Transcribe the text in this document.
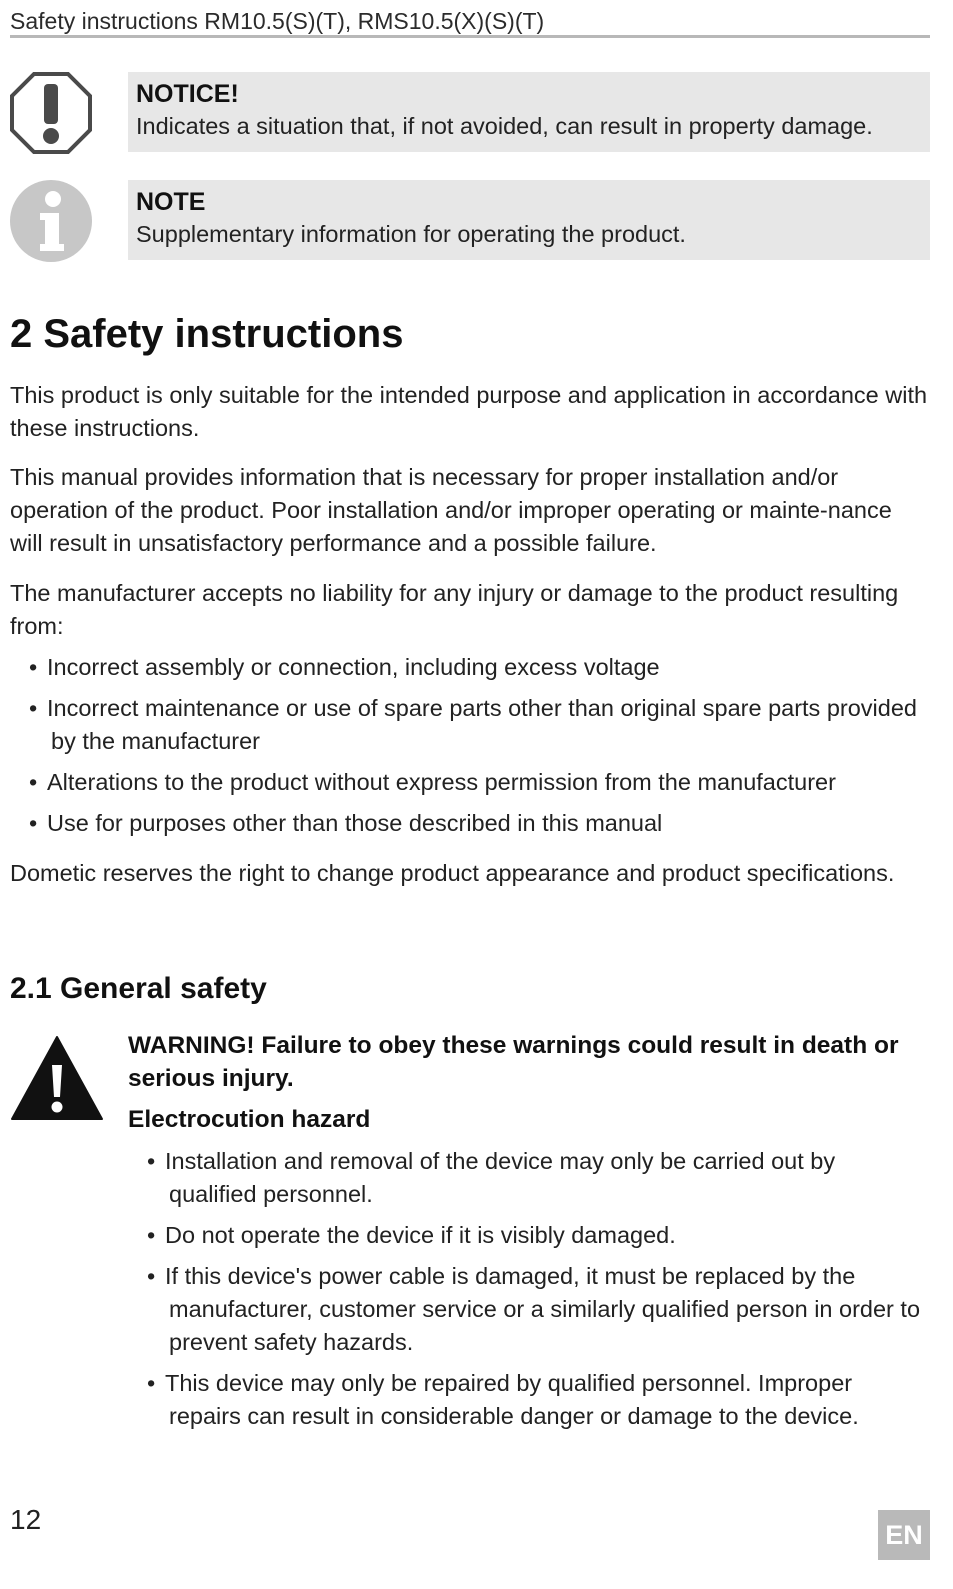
Safety instructions RM10.5(S)(T), RMS10.5(X)(S)(T)
NOTICE!
Indicates a situation that, if not avoided, can result in property damage.
NOTE
Supplementary information for operating the product.
2 Safety instructions

This product is only suitable for the intended purpose and application in accordance with these instructions.

This manual provides information that is necessary for proper installation and/or operation of the product. Poor installation and/or improper operating or mainte-nance will result in unsatisfactory performance and a possible failure.

The manufacturer accepts no liability for any injury or damage to the product resulting from:

• Incorrect assembly or connection, including excess voltage
• Incorrect maintenance or use of spare parts other than original spare parts provided by the manufacturer
• Alterations to the product without express permission from the manufacturer
• Use for purposes other than those described in this manual

Dometic reserves the right to change product appearance and product specifications.

2.1 General safety

WARNING! Failure to obey these warnings could result in death or serious injury.

Electrocution hazard

• Installation and removal of the device may only be carried out by qualified personnel.
• Do not operate the device if it is visibly damaged.
• If this device's power cable is damaged, it must be replaced by the manufacturer, customer service or a similarly qualified person in order to prevent safety hazards.
• This device may only be repaired by qualified personnel. Improper repairs can result in considerable danger or damage to the device.
12	EN
